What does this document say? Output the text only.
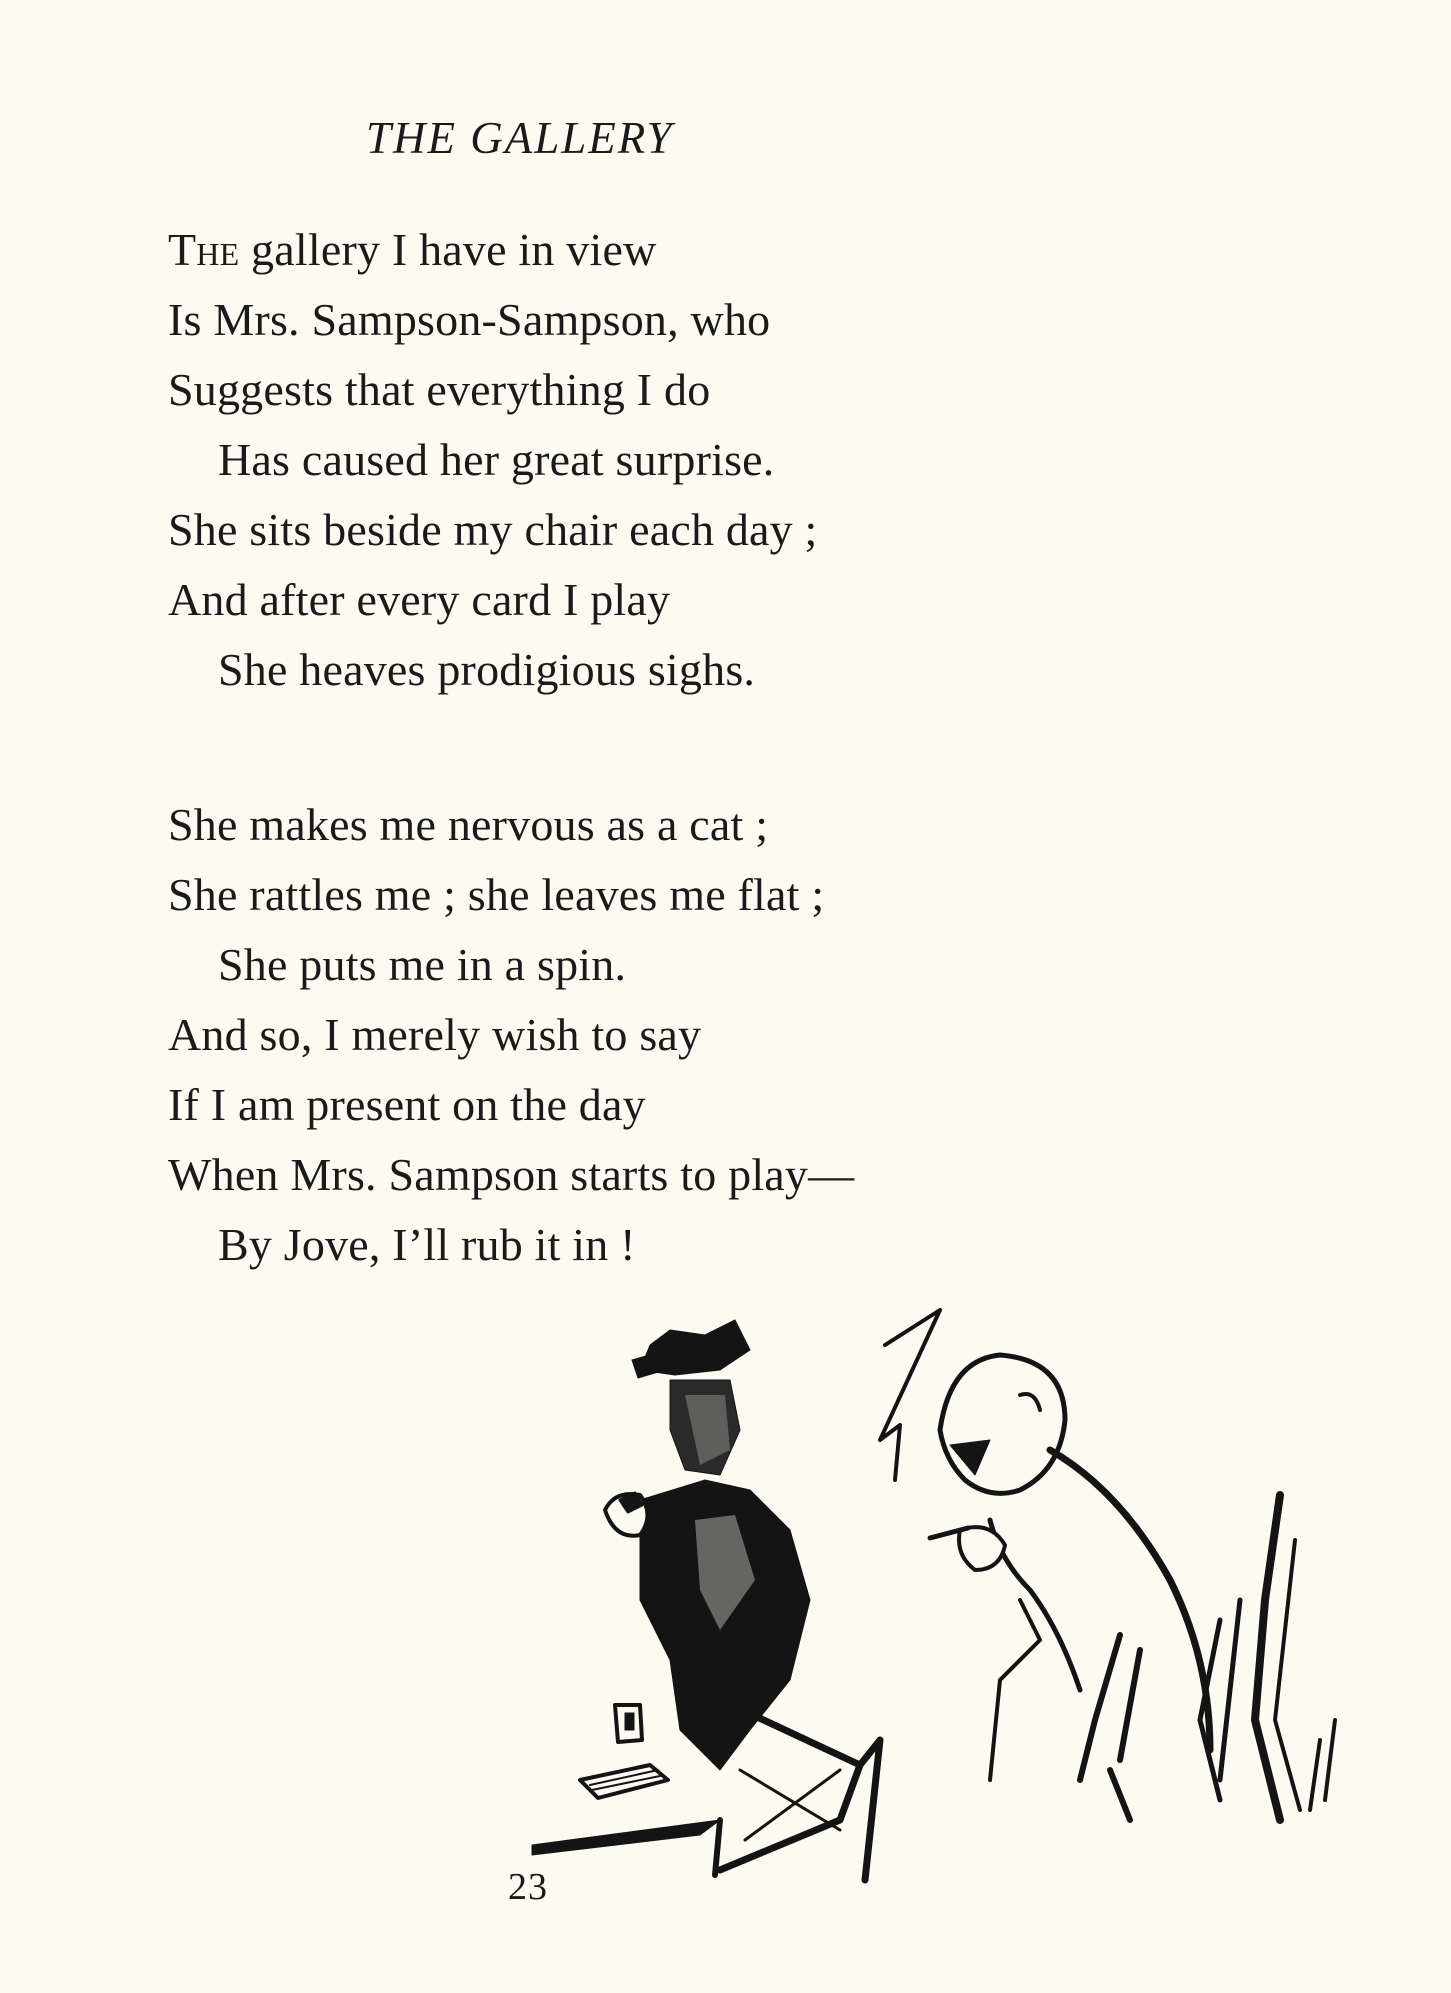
THE GALLERY
The gallery I have in view
Is Mrs. Sampson-Sampson, who
Suggests that everything I do
Has caused her great surprise.
She sits beside my chair each day ;
And after every card I play
She heaves prodigious sighs.
She makes me nervous as a cat ;
She rattles me ; she leaves me flat ;
She puts me in a spin.
And so, I merely wish to say
If I am present on the day
When Mrs. Sampson starts to play—
By Jove, I’ll rub it in !
23
